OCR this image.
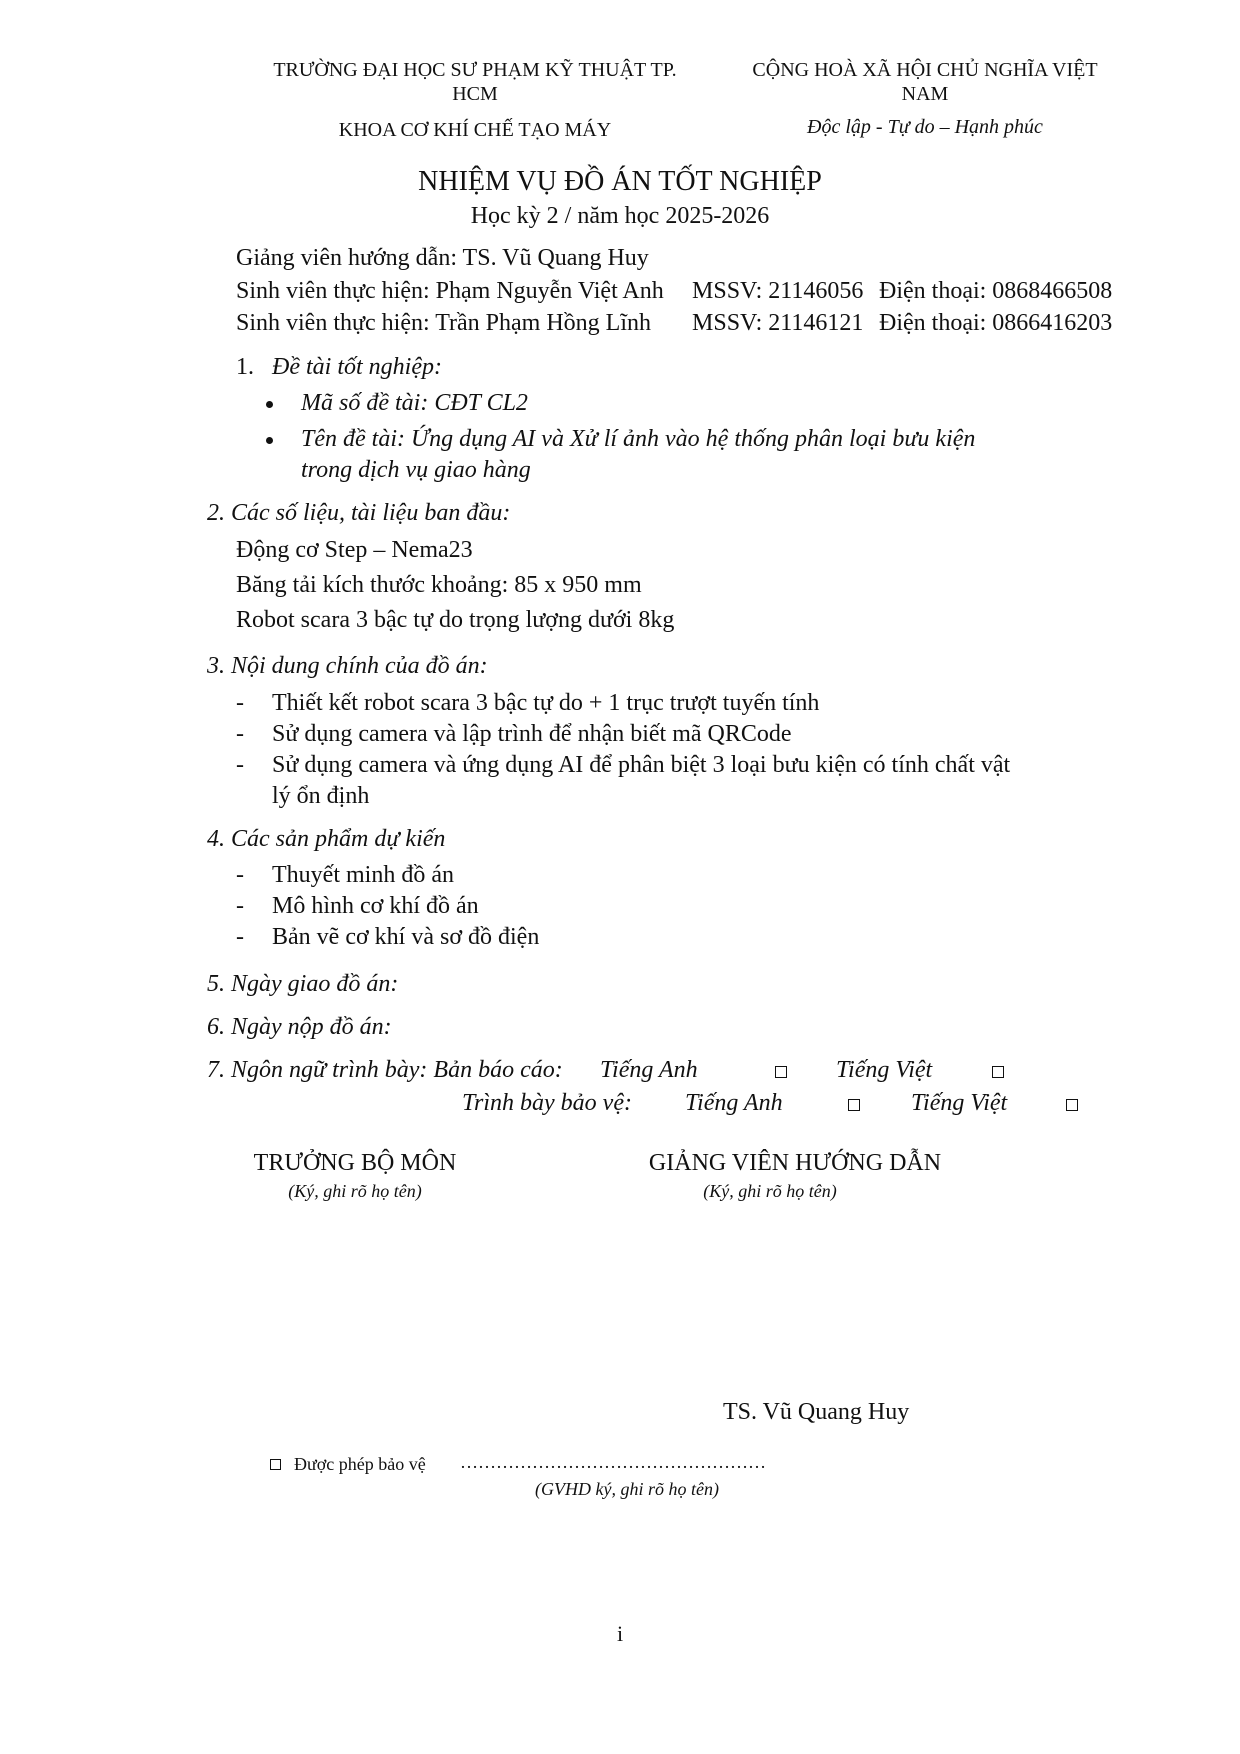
TRƯỜNG ĐẠI HỌC SƯ PHẠM KỸ THUẬT TP.
HCM
KHOA CƠ KHÍ CHẾ TẠO MÁY
CỘNG HOÀ XÃ HỘI CHỦ NGHĨA VIỆT
NAM
Độc lập - Tự do – Hạnh phúc
NHIỆM VỤ ĐỒ ÁN TỐT NGHIỆP
Học kỳ 2 / năm học 2025-2026
Giảng viên hướng dẫn: TS. Vũ Quang Huy
Sinh viên thực hiện: Phạm Nguyễn Việt Anh MSSV: 21146056 Điện thoại: 0868466508
Sinh viên thực hiện: Trần Phạm Hồng Lĩnh MSSV: 21146121 Điện thoại: 0866416203
1. Đề tài tốt nghiệp:
Mã số đề tài: CĐT CL2
Tên đề tài: Ứng dụng AI và Xử lí ảnh vào hệ thống phân loại bưu kiện
trong dịch vụ giao hàng
2. Các số liệu, tài liệu ban đầu:
Động cơ Step – Nema23
Băng tải kích thước khoảng: 85 x 950 mm
Robot scara 3 bậc tự do trọng lượng dưới 8kg
3. Nội dung chính của đồ án:
- Thiết kết robot scara 3 bậc tự do + 1 trục trượt tuyến tính
- Sử dụng camera và lập trình để nhận biết mã QRCode
- Sử dụng camera và ứng dụng AI để phân biệt 3 loại bưu kiện có tính chất vật
lý ổn định
4. Các sản phẩm dự kiến
- Thuyết minh đồ án
- Mô hình cơ khí đồ án
- Bản vẽ cơ khí và sơ đồ điện
5. Ngày giao đồ án:
6. Ngày nộp đồ án:
7. Ngôn ngữ trình bày: Bản báo cáo: Tiếng Anh	Tiếng Việt
Trình bày bảo vệ: Tiếng Anh	Tiếng Việt
TRƯỞNG BỘ MÔN
(Ký, ghi rõ họ tên)
GIẢNG VIÊN HƯỚNG DẪN
(Ký, ghi rõ họ tên)
TS. Vũ Quang Huy
Được phép bảo vệ ……………………………………………
(GVHD ký, ghi rõ họ tên)
i
